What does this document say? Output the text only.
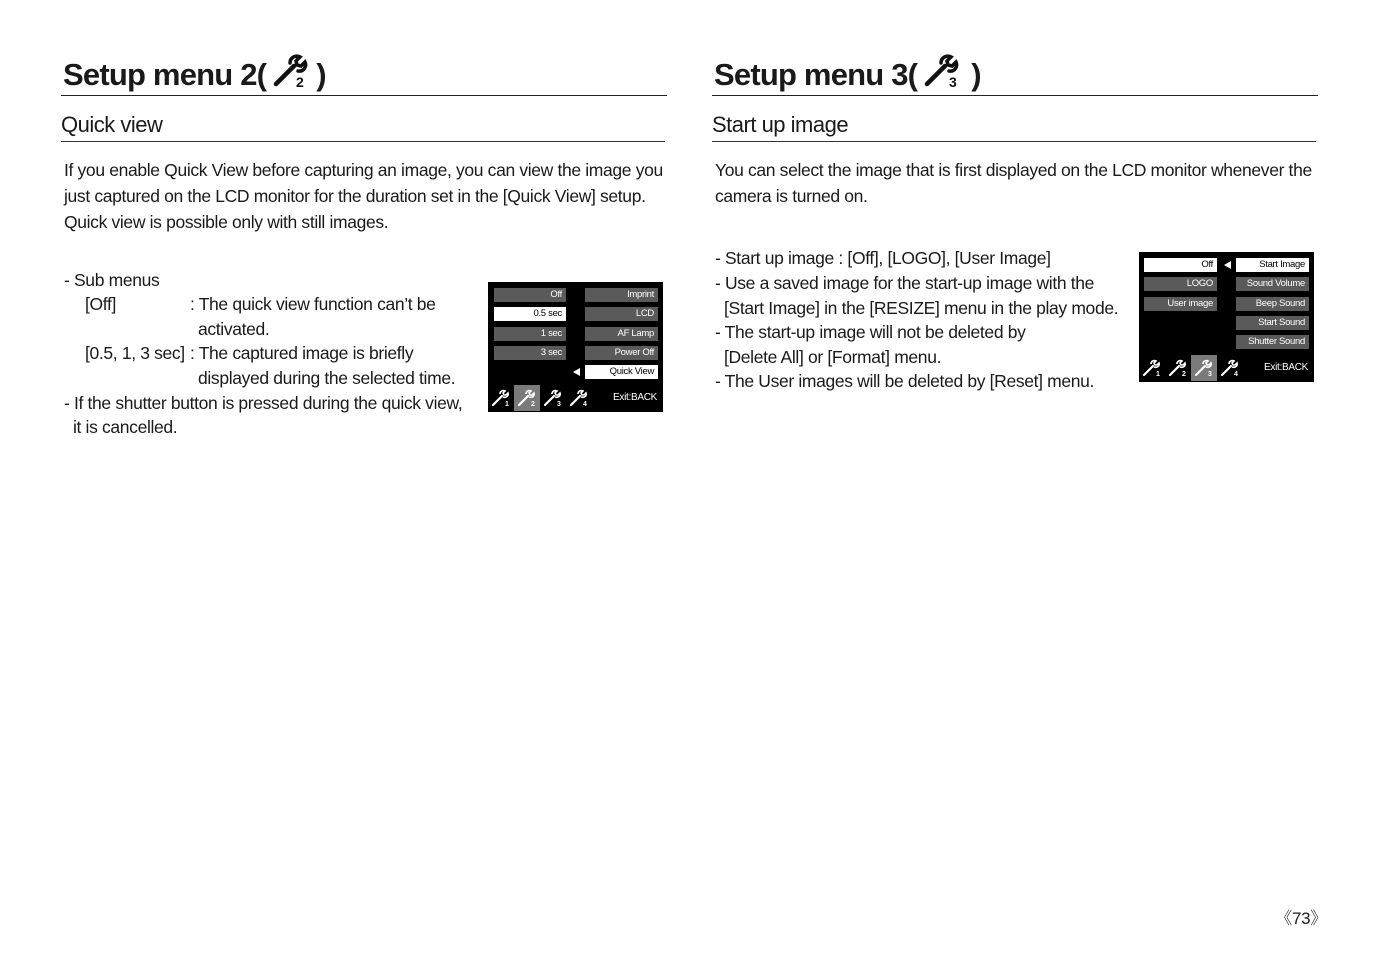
Setup menu 2( 2 )
Quick view
If you enable Quick View before capturing an image, you can view the image you just captured on the LCD monitor for the duration set in the [Quick View] setup. Quick view is possible only with still images.
- Sub menus
[Off]	: The quick view function can’t be
activated.
[0.5, 1, 3 sec] : The captured image is briefly
displayed during the selected time.
- If the shutter button is pressed during the quick view,
it is cancelled.
Off
0.5 sec
1 sec
3 sec
Imprint
LCD
AF Lamp
Power Off
Quick View
1	2	3	4
Exit:BACK
Setup menu 3( 3 )
Start up image
You can select the image that is first displayed on the LCD monitor whenever the camera is turned on.
- Start up image : [Off], [LOGO], [User Image]
- Use a saved image for the start-up image with the
[Start Image] in the [RESIZE] menu in the play mode.
- The start-up image will not be deleted by
[Delete All] or [Format] menu.
- The User images will be deleted by [Reset] menu.
Off
LOGO
User image
Start Image
Sound Volume
Beep Sound
Start Sound
Shutter Sound
1	2	3	4
Exit:BACK
《73》
